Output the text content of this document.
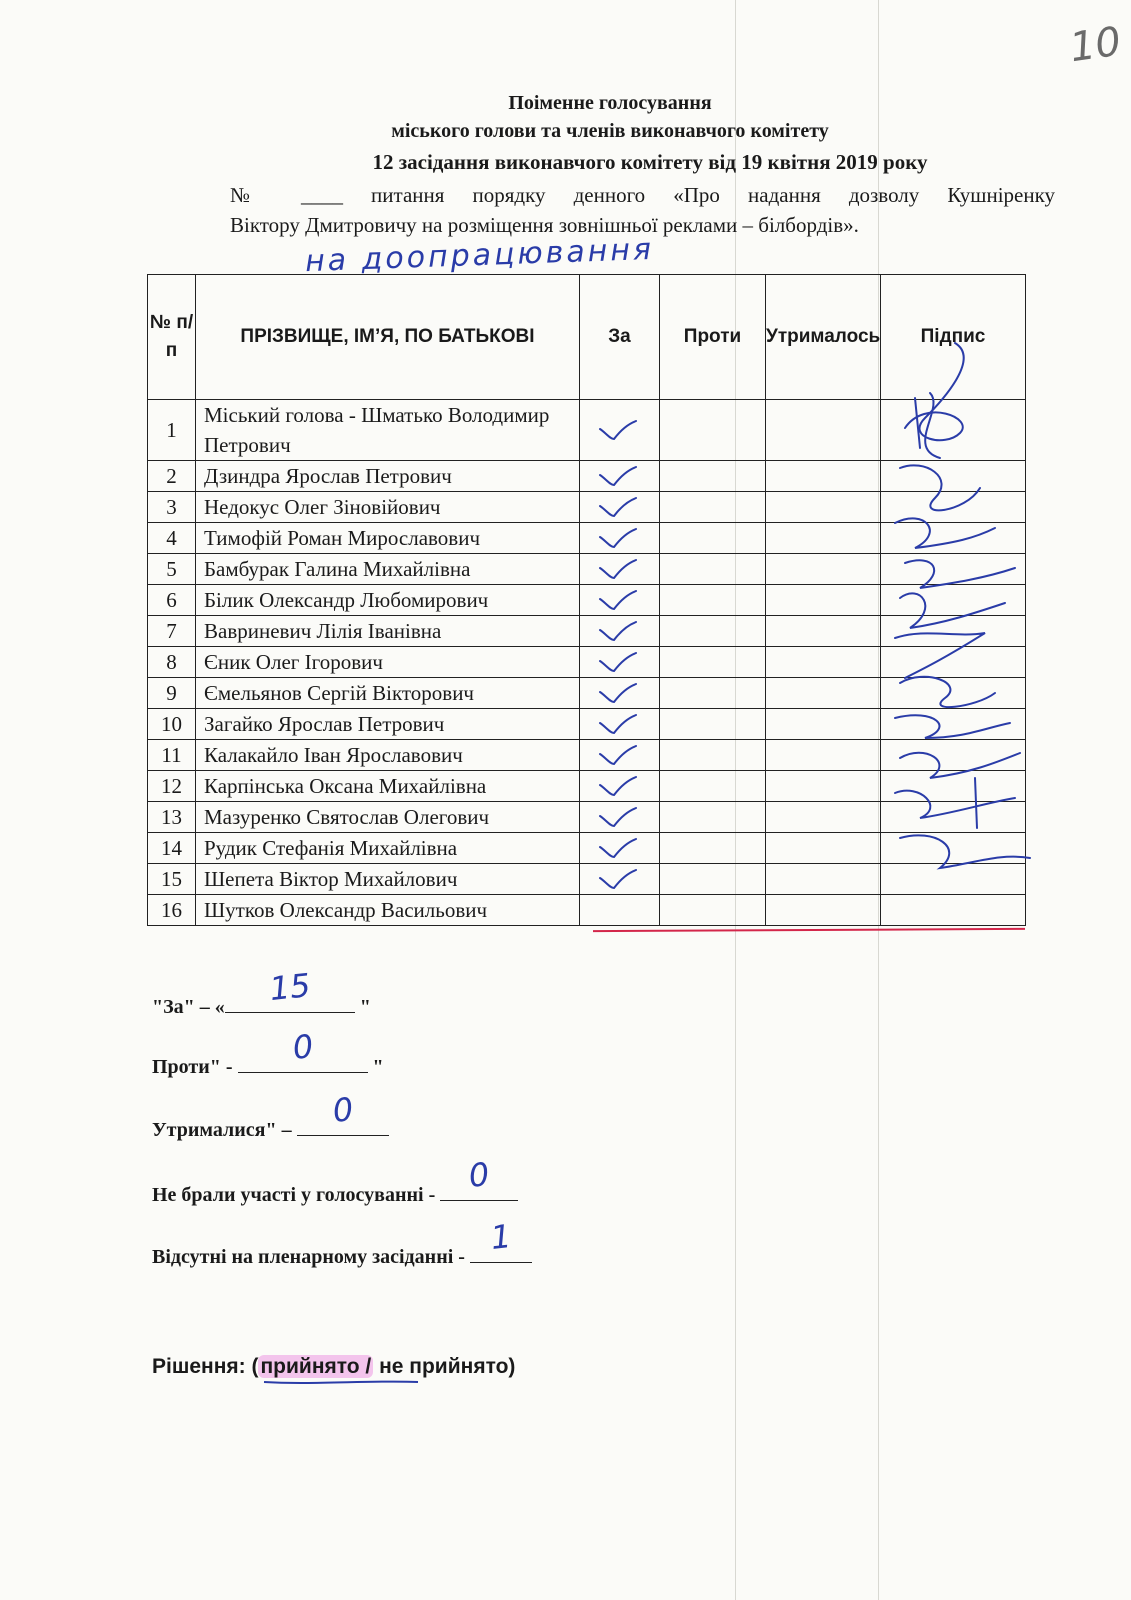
10
Поіменне голосування
міського голови та членів виконавчого комітету
12 засідання виконавчого комітету від 19 квітня 2019 року
№ ____ питання порядку денного «Про надання дозволу Кушніренку
Віктору Дмитровичу на розміщення зовнішньої реклами – білбордів».
на доопрацювання
№ п/п	ПРІЗВИЩЕ, ІМ’Я, ПО БАТЬКОВІ	За	Проти	Утрималось	Підпис
1	Міський голова - Шматько Володимир Петрович	

2	Дзиндра Ярослав Петрович	

3	Недокус Олег Зіновійович	

4	Тимофій Роман Мирославович	

5	Бамбурак Галина Михайлівна	

6	Білик Олександр Любомирович	

7	Вавриневич Лілія Іванівна	

8	Єник Олег Ігорович	

9	Ємельянов Сергій Вікторович	

10	Загайко Ярослав Петрович	

11	Калакайло Іван Ярославович	

12	Карпінська Оксана Михайлівна	

13	Мазуренко Святослав Олегович	

14	Рудик Стефанія Михайлівна	

15	Шепета Віктор Михайлович	

16	Шутков Олександр Васильович				
"За" – « 15 "
Проти" -
0
"
Утрималися" –
0
Не брали участі у голосуванні -
0
Відсутні на пленарному засіданні -
1
Рішення: (прийнято / не прийнято)
